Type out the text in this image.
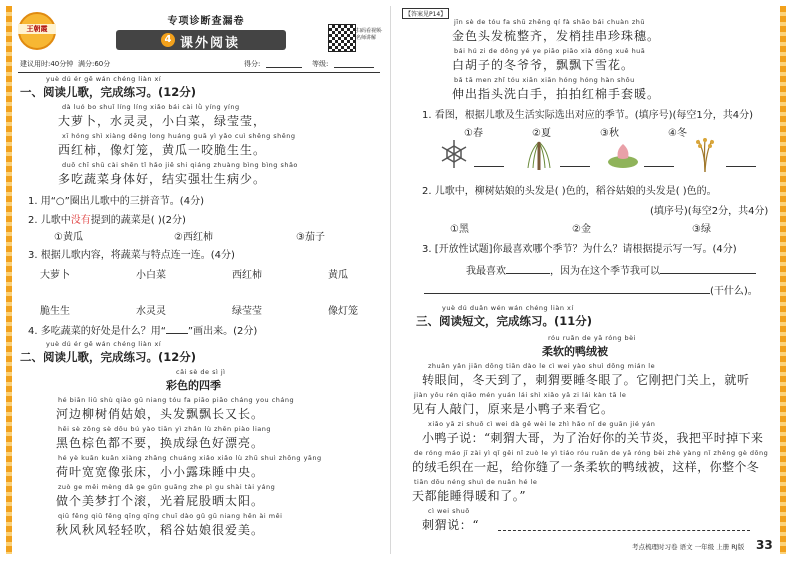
王朝霞
专项诊断查漏卷
4 课外阅读
扫码看视频·名师讲解
建议用时:40分钟 满分:60分	得分:	等级:
yuè dú ér gē wán chéng liàn xí
一、阅读儿歌，完成练习。(12分)
dà luó bo shuǐ líng líng xiǎo bái cài lǜ yíng yíng
大萝卜，水灵灵，小白菜，绿莹莹，
xī hóng shì xiàng dēng long huáng guā yì yǎo cuì shēng shēng
西红柿，像灯笼，黄瓜一咬脆生生。
duō chī shū cài shēn tǐ hǎo jiē shi qiáng zhuàng bìng bìng shǎo
多吃蔬菜身体好，结实强壮生病少。
1. 用“○”圈出儿歌中的三拼音节。(4分)
2. 儿歌中没有提到的蔬菜是( )(2分)
①黄瓜	②西红柿	③茄子
3. 根据儿歌内容，将蔬菜与特点连一连。(4分)
大萝卜	小白菜	西红柿	黄瓜
脆生生	水灵灵	绿莹莹	像灯笼
4. 多吃蔬菜的好处是什么？用“ ”画出来。(2分)
yuè dú ér gē wán chéng liàn xí
二、阅读儿歌，完成练习。(12分)
cǎi sè de sì jì
彩色的四季
hé biān liǔ shù qiào gū niang tóu fa piāo piāo cháng you cháng
河边柳树俏姑娘，头发飘飘长又长。
hēi sè zōng sè dōu bú yào tiān yì zhǎn lù zhēn piào liang
黑色棕色都不要，换成绿色好漂亮。
hé yè kuān kuān xiàng zhāng chuáng xiǎo xiǎo lù zhū shuì zhōng yāng
荷叶宽宽像张床，小小露珠睡中央。
zuò ge měi mèng dǎ ge gǔn guāng zhe pì gu shài tài yáng
做个美梦打个滚，光着屁股晒太阳。
qiū fēng qiū fēng qīng qīng chuī dào gǔ gū niang hěn ài měi
秋风秋风轻轻吹，稻谷姑娘很爱美。
【答案见P14】
jīn sè de tóu fa shū zhěng qí fà shāo bái chuàn zhū
金色头发梳整齐，发梢挂串珍珠穗。
bái hú zi de dōng yé ye piāo piāo xià dōng xuě huā
白胡子的冬爷爷，飘飘下雪花。
bǎ tā men zhǐ tóu xiān xiān hóng hóng hàn shǒu
伸出指头洗白手，拍拍红棉手套暖。
1. 看图，根据儿歌及生活实际选出对应的季节。(填序号)(每空1分，共4分)
①春	②夏	③秋	④冬
2. 儿歌中，柳树姑娘的头发是( )色的，稻谷姑娘的头发是( )色的。
(填序号)(每空2分，共4分)
①黑	②金	③绿
3. [开放性试题]你最喜欢哪个季节？为什么？请根据提示写一写。(4分)
我最喜欢	，因为在这个季节我可以
(干什么)。
yuè dú duǎn wén wán chéng liàn xí
三、阅读短文，完成练习。(11分)
róu ruǎn de yā róng bèi
柔软的鸭绒被
zhuǎn yǎn jiān dōng tiān dào le cì wei yào shuì dōng mián le
转眼间，冬天到了，刺猬要睡冬眼了。它刚把门关上，就听
jiàn yǒu rén qiāo mén yuán lái shì xiǎo yā zi lái kàn tā le
见有人敲门，原来是小鸭子来看它。
xiǎo yā zi shuō cì wei dà gē wèi le zhì hǎo nǐ de guān jié yán
小鸭子说：“刺猬大哥，为了治好你的关节炎，我把平时掉下来
de róng máo jī zài yì qǐ gěi nǐ zuò le yì tiáo róu ruǎn de yā róng bèi zhè yàng nǐ zhěng gè dōng
的绒毛织在一起，给你缝了一条柔软的鸭绒被，这样，你整个冬
tiān dōu néng shuì de nuǎn hé le
天都能睡得暖和了。”
cì wei shuō
刺猬说：“
考点梳理时习卷 语文 一年级 上册 RJ版 33
